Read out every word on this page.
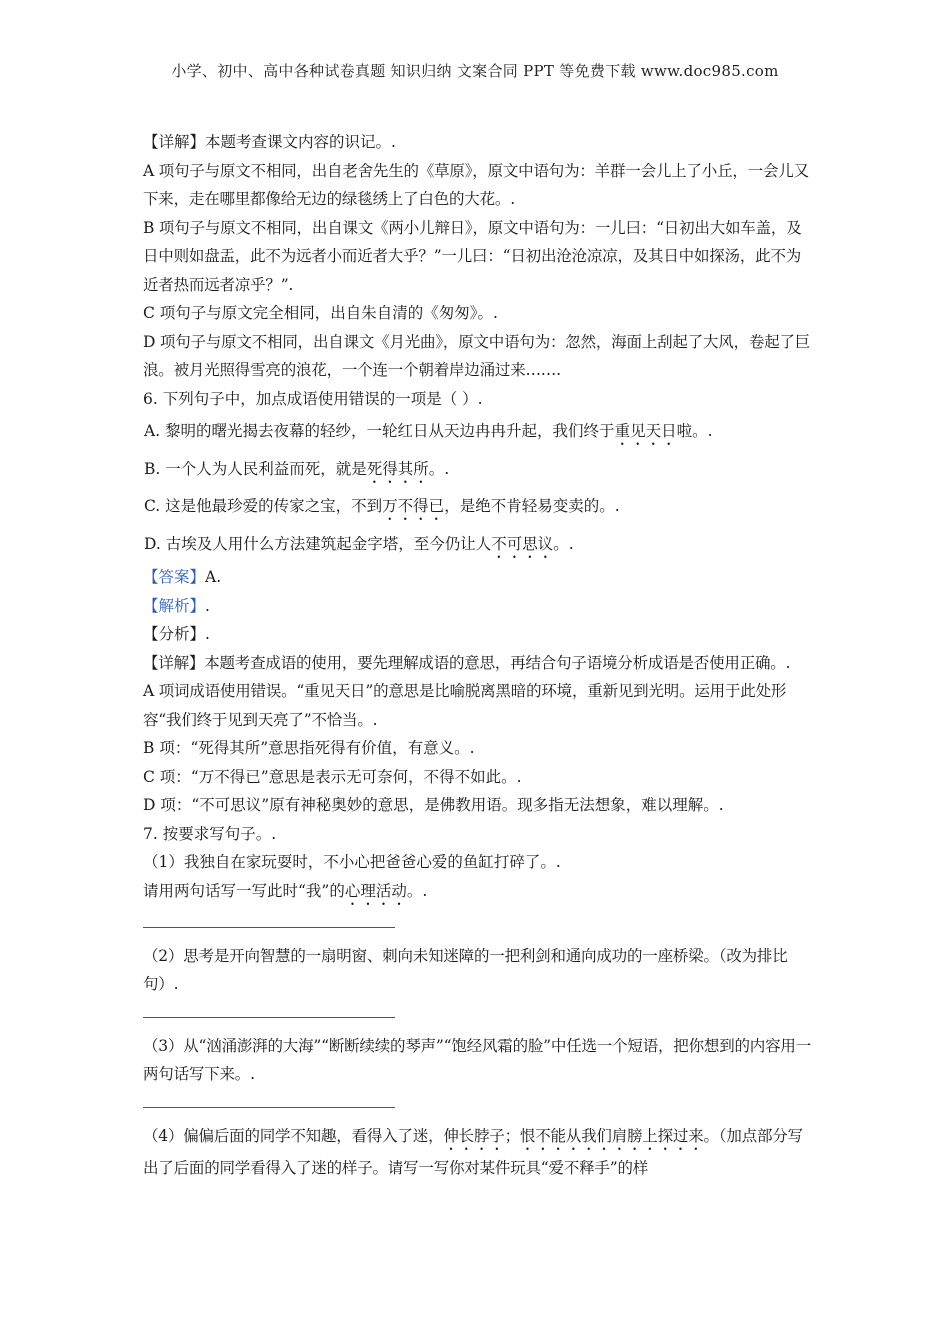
小学、初中、高中各种试卷真题 知识归纳 文案合同 PPT 等免费下载 www.doc985.com

【详解】本题考查课文内容的识记。.

A 项句子与原文不相同，出自老舍先生的《草原》，原文中语句为：羊群一会儿上了小丘，一会儿又下来，走在哪里都像给无边的绿毯绣上了白色的大花。.

B 项句子与原文不相同，出自课文《两小儿辩日》，原文中语句为：一儿曰：“日初出大如车盖，及日中则如盘盂，此不为远者小而近者大乎？”一儿曰：“日初出沧沧凉凉，及其日中如探汤，此不为近者热而远者凉乎？”.

C 项句子与原文完全相同，出自朱自清的《匆匆》。.

D 项句子与原文不相同，出自课文《月光曲》，原文中语句为：忽然，海面上刮起了大风，卷起了巨浪。被月光照得雪亮的浪花，一个连一个朝着岸边涌过来…….

6. 下列句子中，加点成语使用错误的一项是（ ）.

A. 黎明的曙光揭去夜幕的轻纱，一轮红日从天边冉冉升起，我们终于重见天日啦。.

B. 一个人为人民利益而死，就是死得其所。.

C. 这是他最珍爱的传家之宝，不到万不得已，是绝不肯轻易变卖的。.

D. 古埃及人用什么方法建筑起金字塔，至今仍让人不可思议。.

【答案】A.

【解析】.

【分析】.

【详解】本题考查成语的使用，要先理解成语的意思，再结合句子语境分析成语是否使用正确。.

A 项词成语使用错误。“重见天日”的意思是比喻脱离黑暗的环境，重新见到光明。运用于此处形容“我们终于见到天亮了”不恰当。.

B 项：“死得其所”意思指死得有价值，有意义。.

C 项：“万不得已”意思是表示无可奈何，不得不如此。.

D 项：“不可思议”原有神秘奥妙的意思，是佛教用语。现多指无法想象，难以理解。.

7. 按要求写句子。.

（1）我独自在家玩耍时，不小心把爸爸心爱的鱼缸打碎了。.

请用两句话写一写此时“我”的心理活动。.

（2）思考是开向智慧的一扇明窗、刺向未知迷障的一把利剑和通向成功的一座桥梁。（改为排比句）.

（3）从“汹涌澎湃的大海”“断断续续的琴声”“饱经风霜的脸”中任选一个短语，把你想到的内容用一两句话写下来。.

（4）偏偏后面的同学不知趣，看得入了迷，伸长脖子；恨不能从我们肩膀上探过来。（加点部分写出了后面的同学看得入了迷的样子。请写一写你对某件玩具“爱不释手”的样
